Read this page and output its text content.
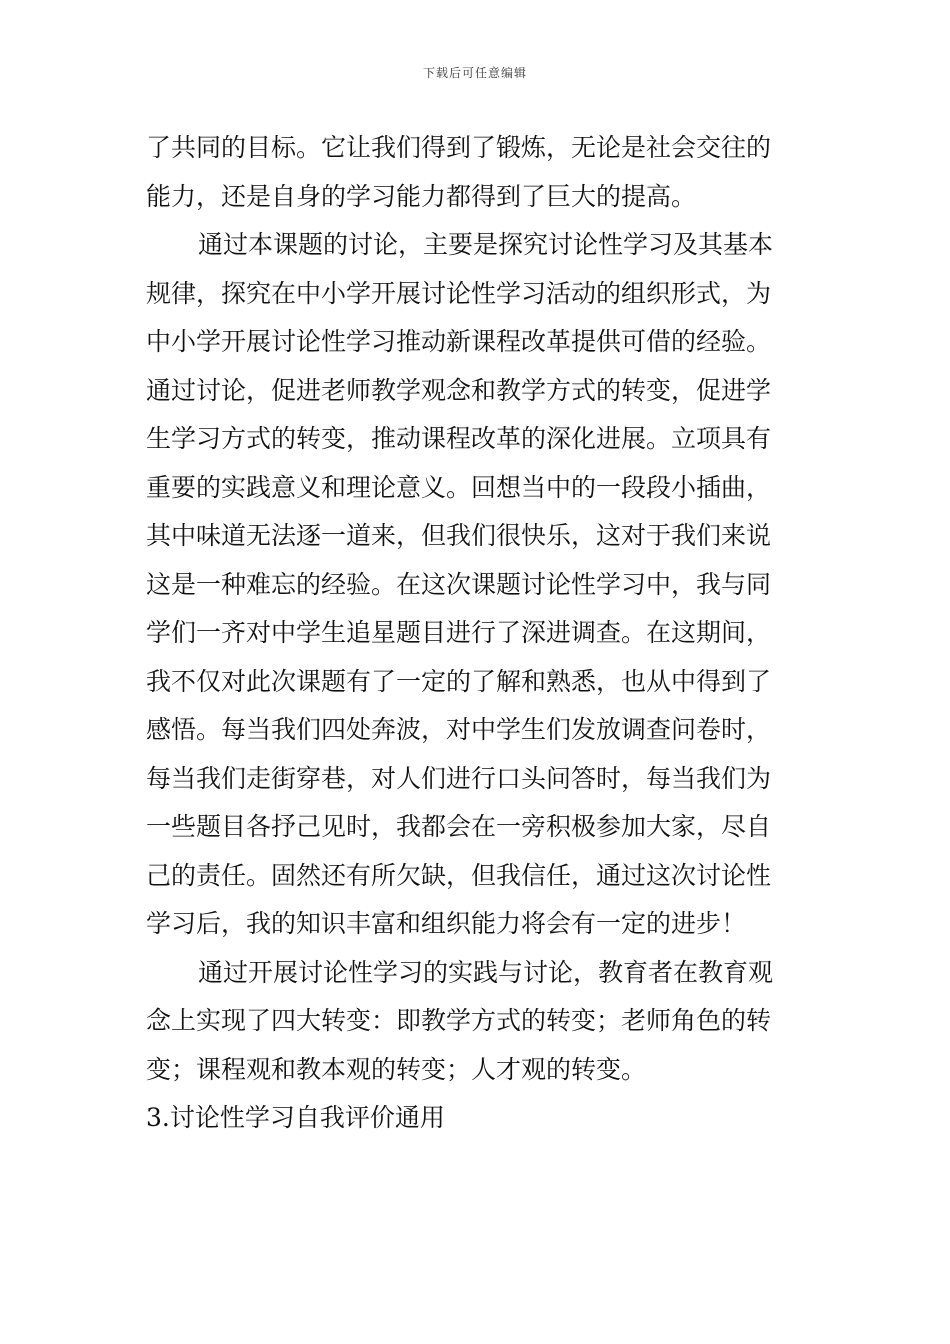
下载后可任意编辑
了共同的目标。它让我们得到了锻炼，无论是社会交往的
能力，还是自身的学习能力都得到了巨大的提高。
通过本课题的讨论，主要是探究讨论性学习及其基本
规律，探究在中小学开展讨论性学习活动的组织形式，为
中小学开展讨论性学习推动新课程改革提供可借的经验。
通过讨论，促进老师教学观念和教学方式的转变，促进学
生学习方式的转变，推动课程改革的深化进展。立项具有
重要的实践意义和理论意义。回想当中的一段段小插曲，
其中味道无法逐一道来，但我们很快乐，这对于我们来说
这是一种难忘的经验。在这次课题讨论性学习中，我与同
学们一齐对中学生追星题目进行了深进调查。在这期间，
我不仅对此次课题有了一定的了解和熟悉，也从中得到了
感悟。每当我们四处奔波，对中学生们发放调查问卷时，
每当我们走街穿巷，对人们进行口头问答时，每当我们为
一些题目各抒己见时，我都会在一旁积极参加大家，尽自
己的责任。固然还有所欠缺，但我信任，通过这次讨论性
学习后，我的知识丰富和组织能力将会有一定的进步！
通过开展讨论性学习的实践与讨论，教育者在教育观
念上实现了四大转变：即教学方式的转变；老师角色的转
变；课程观和教本观的转变；人才观的转变。
3.讨论性学习自我评价通用
